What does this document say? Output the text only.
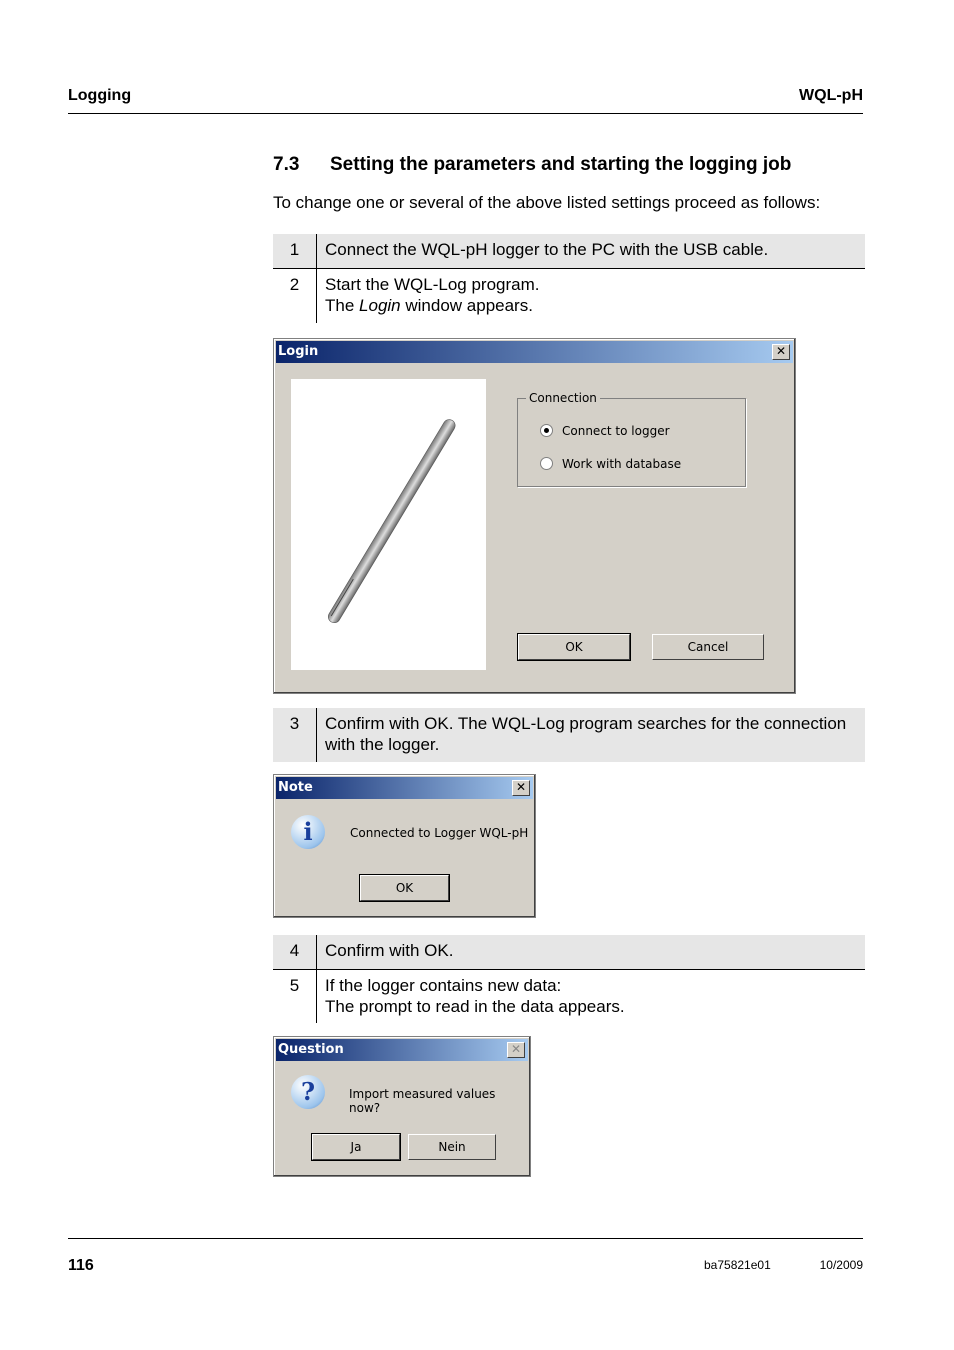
Logging	WQL-pH
7.3 Setting the parameters and starting the logging job
To change one or several of the above listed settings proceed as follows:
1	Connect the WQL-pH logger to the PC with the USB cable.
2	Start the WQL-Log program.
The Login window appears.
Login	✕
Connection
Connect to logger
Work with database
OK	Cancel
3	Confirm with OK. The WQL-Log program searches for the connection with the logger.
Note	✕
i	Connected to Logger WQL-pH
OK
4	Confirm with OK.
5	If the logger contains new data:
The prompt to read in the data appears.
Question	✕
?	Import measured values now?
Ja	Nein
116	ba75821e01	10/2009
